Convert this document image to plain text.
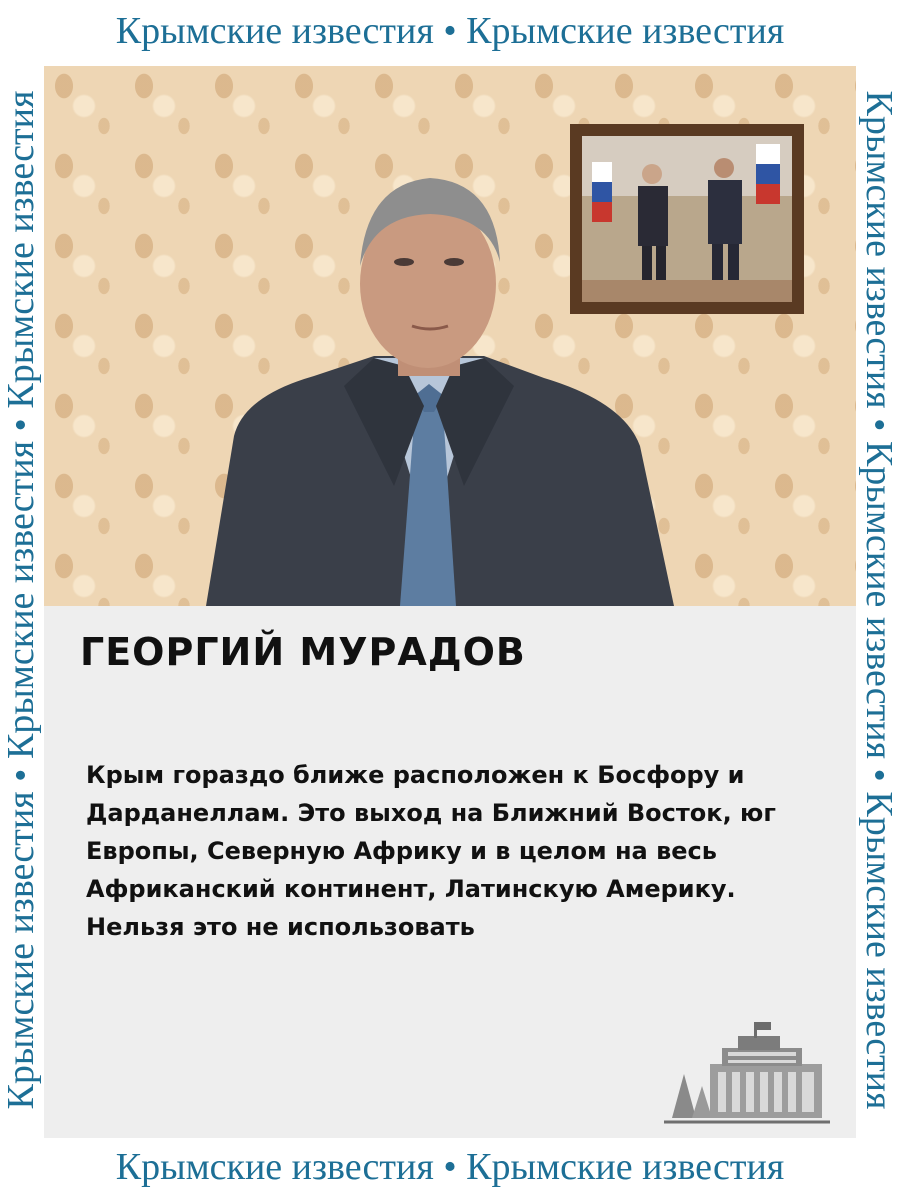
Крымские известия • Крымские известия
Крымские известия • Крымские известия • Крымские известия	Крымские известия • Крымские известия • Крымские известия
Крымские известия • Крымские известия
ГЕОРГИЙ МУРАДОВ

Крым гораздо ближе расположен к Босфору и Дарданеллам. Это выход на Ближний Восток, юг Европы, Северную Африку и в целом на весь Африканский континент, Латинскую Америку. Нельзя это не использовать
